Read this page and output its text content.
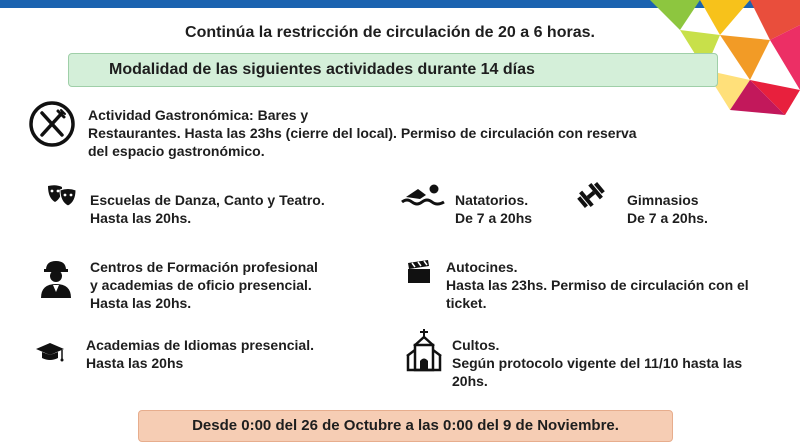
Continúa la restricción de circulación de 20 a 6 horas.
Modalidad de las siguientes actividades durante 14 días
Actividad Gastronómica: Bares y
Restaurantes. Hasta las 23hs (cierre del local). Permiso de circulación con reserva
del espacio gastronómico.
Escuelas de Danza, Canto y Teatro.
Hasta las 20hs.
Natatorios.
De 7 a 20hs
Gimnasios
De 7 a 20hs.
Centros de Formación profesional
y academias de oficio presencial.
Hasta las 20hs.
Autocines.
Hasta las 23hs. Permiso de circulación con el
ticket.
Academias de Idiomas presencial.
Hasta las 20hs
Cultos.
Según protocolo vigente del 11/10 hasta las
20hs.
Desde 0:00 del 26 de Octubre a las 0:00 del 9 de Noviembre.
